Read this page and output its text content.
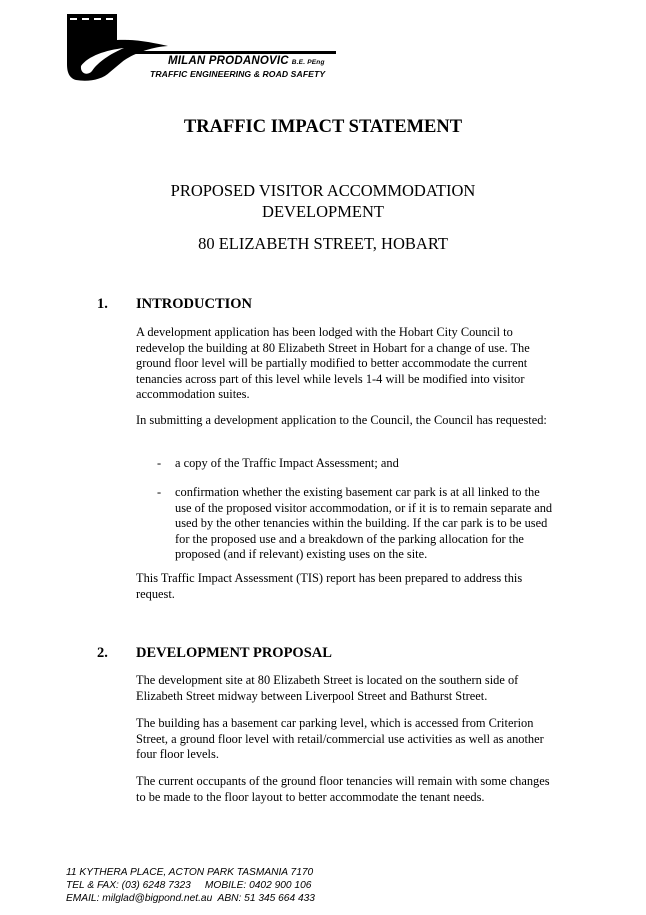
MILAN PRODANOVIC B.E. PEng
TRAFFIC ENGINEERING & ROAD SAFETY
TRAFFIC IMPACT STATEMENT
PROPOSED VISITOR ACCOMMODATION
DEVELOPMENT
80 ELIZABETH STREET, HOBART
1. INTRODUCTION
A development application has been lodged with the Hobart City Council to redevelop the building at 80 Elizabeth Street in Hobart for a change of use. The ground floor level will be partially modified to better accommodate the current tenancies across part of this level while levels 1-4 will be modified into visitor accommodation suites.
In submitting a development application to the Council, the Council has requested:
- a copy of the Traffic Impact Assessment; and
- confirmation whether the existing basement car park is at all linked to the use of the proposed visitor accommodation, or if it is to remain separate and used by the other tenancies within the building. If the car park is to be used for the proposed use and a breakdown of the parking allocation for the proposed (and if relevant) existing uses on the site.
This Traffic Impact Assessment (TIS) report has been prepared to address this request.
2. DEVELOPMENT PROPOSAL
The development site at 80 Elizabeth Street is located on the southern side of Elizabeth Street midway between Liverpool Street and Bathurst Street.
The building has a basement car parking level, which is accessed from Criterion Street, a ground floor level with retail/commercial use activities as well as another four floor levels.
The current occupants of the ground floor tenancies will remain with some changes to be made to the floor layout to better accommodate the tenant needs.
11 KYTHERA PLACE, ACTON PARK TASMANIA 7170
TEL & FAX: (03) 6248 7323     MOBILE: 0402 900 106
EMAIL: milglad@bigpond.net.au  ABN: 51 345 664 433
